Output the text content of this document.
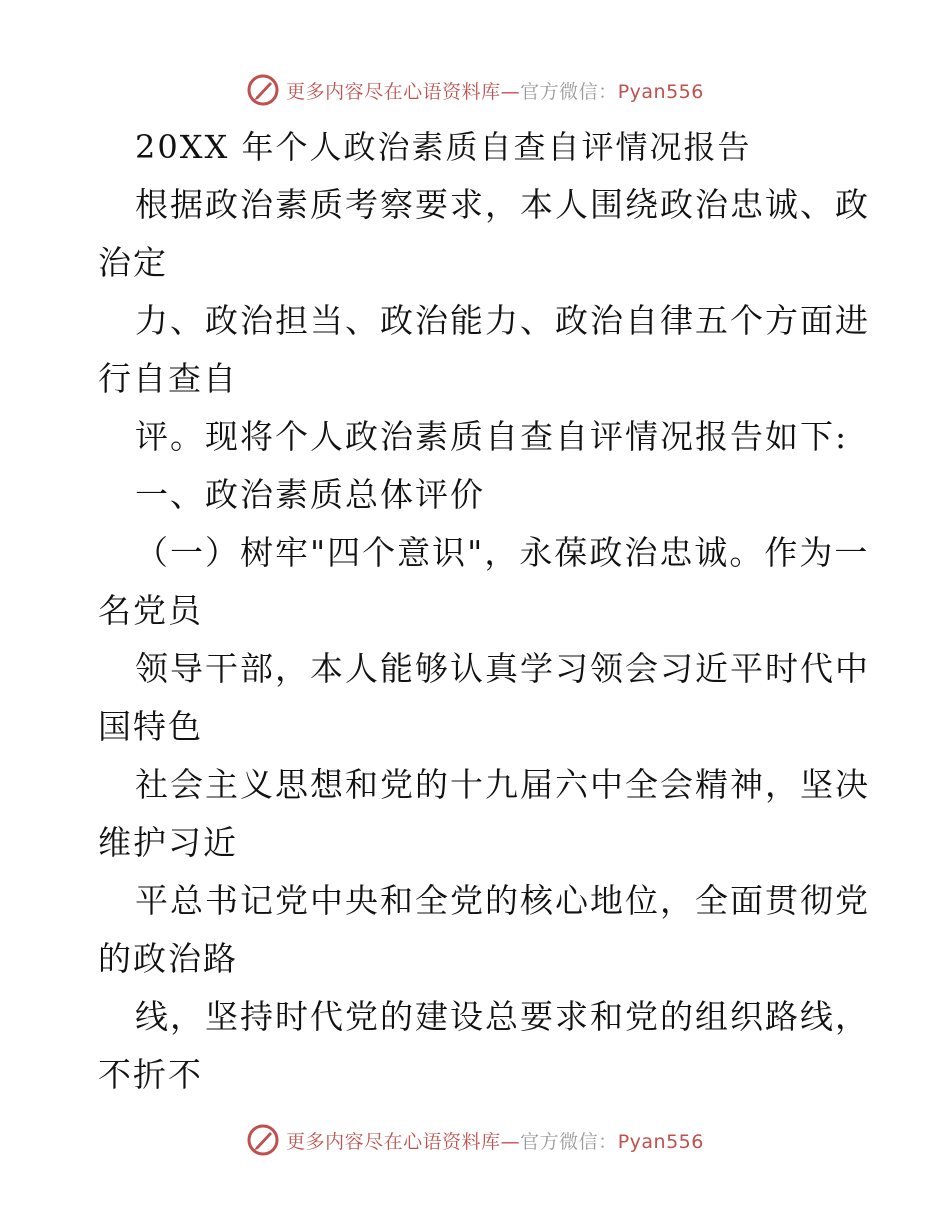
更多内容尽在心语资料库—官方微信：Pyan556
20XX 年个人政治素质自查自评情况报告
根据政治素质考察要求，本人围绕政治忠诚、政
治定
力、政治担当、政治能力、政治自律五个方面进
行自查自
评。现将个人政治素质自查自评情况报告如下:
一、政治素质总体评价
（一）树牢"四个意识"，永葆政治忠诚。作为一
名党员
领导干部，本人能够认真学习领会习近平时代中
国特色
社会主义思想和党的十九届六中全会精神，坚决
维护习近
平总书记党中央和全党的核心地位，全面贯彻党
的政治路
线，坚持时代党的建设总要求和党的组织路线，
不折不
更多内容尽在心语资料库—官方微信：Pyan556
